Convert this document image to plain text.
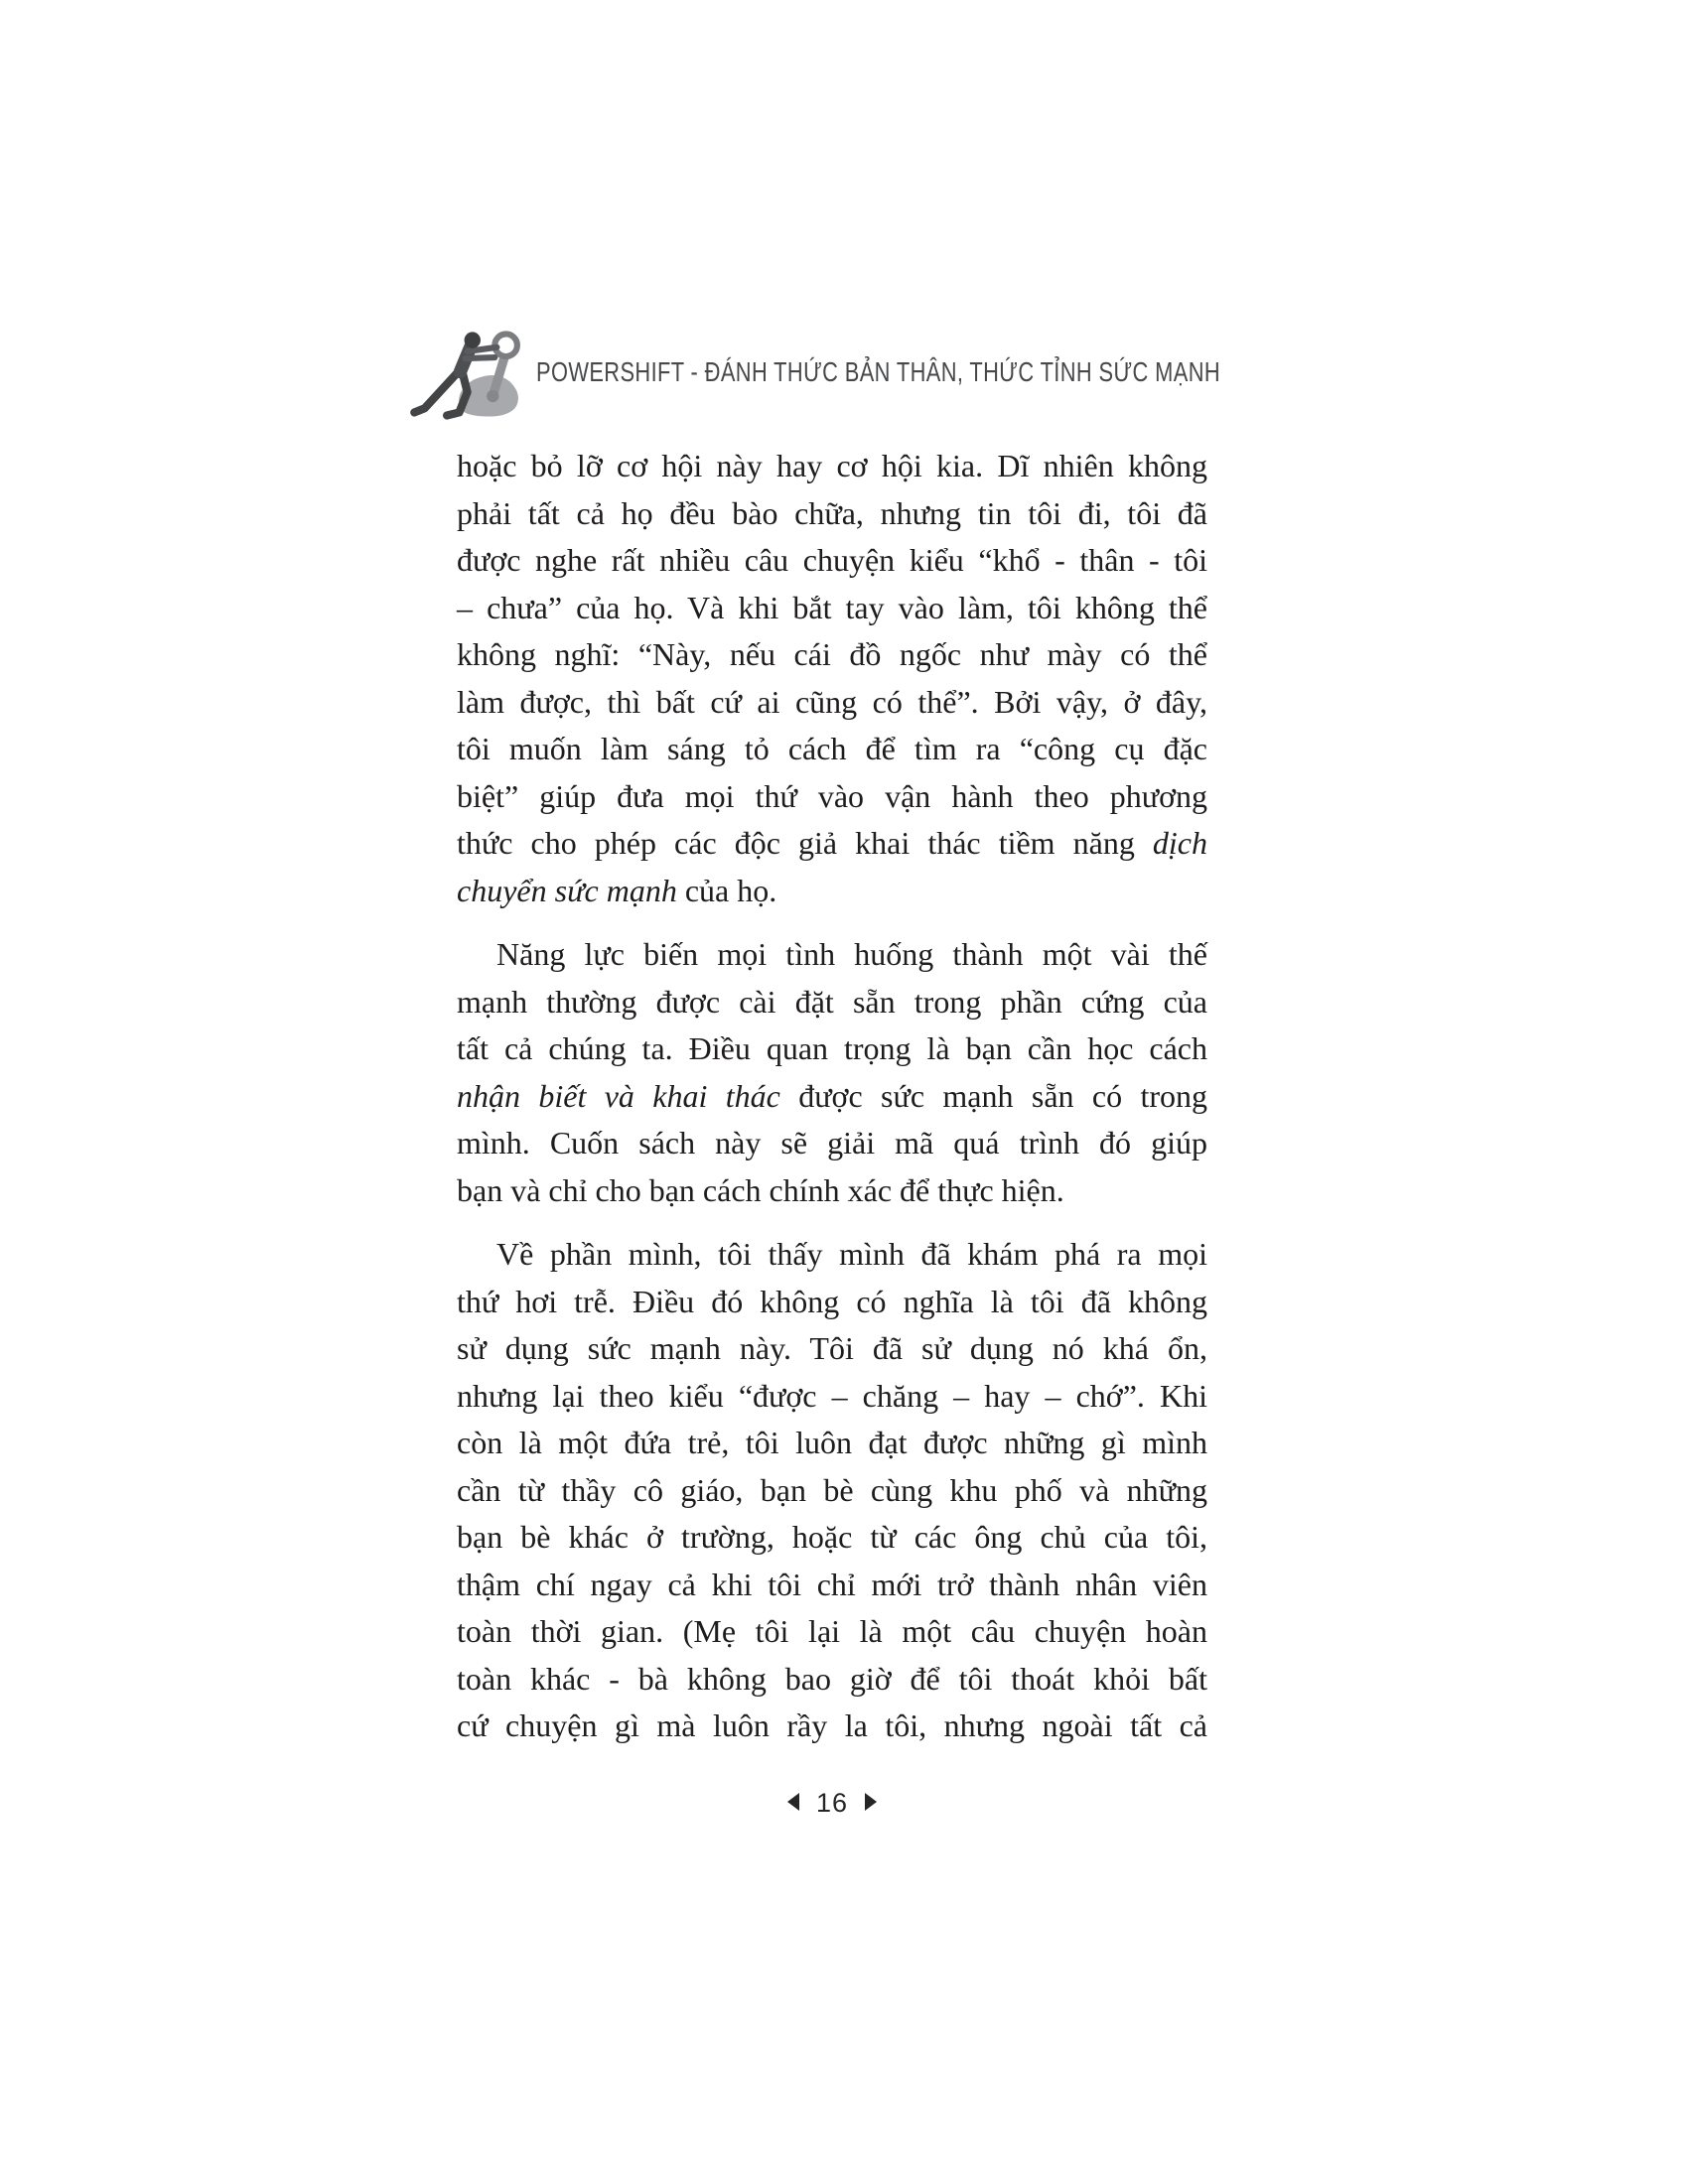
POWERSHIFT - ĐÁNH THỨC BẢN THÂN, THỨC TỈNH SỨC MẠNH
hoặc bỏ lỡ cơ hội này hay cơ hội kia. Dĩ nhiên không
phải tất cả họ đều bào chữa, nhưng tin tôi đi, tôi đã
được nghe rất nhiều câu chuyện kiểu “khổ - thân - tôi
– chưa” của họ. Và khi bắt tay vào làm, tôi không thể
không nghĩ: “Này, nếu cái đồ ngốc như mày có thể
làm được, thì bất cứ ai cũng có thể”. Bởi vậy, ở đây,
tôi muốn làm sáng tỏ cách để tìm ra “công cụ đặc
biệt” giúp đưa mọi thứ vào vận hành theo phương
thức cho phép các độc giả khai thác tiềm năng dịch
chuyển sức mạnh của họ.
Năng lực biến mọi tình huống thành một vài thế
mạnh thường được cài đặt sẵn trong phần cứng của
tất cả chúng ta. Điều quan trọng là bạn cần học cách
nhận biết và khai thác được sức mạnh sẵn có trong
mình. Cuốn sách này sẽ giải mã quá trình đó giúp
bạn và chỉ cho bạn cách chính xác để thực hiện.
Về phần mình, tôi thấy mình đã khám phá ra mọi
thứ hơi trễ. Điều đó không có nghĩa là tôi đã không
sử dụng sức mạnh này. Tôi đã sử dụng nó khá ổn,
nhưng lại theo kiểu “được – chăng – hay – chớ”. Khi
còn là một đứa trẻ, tôi luôn đạt được những gì mình
cần từ thầy cô giáo, bạn bè cùng khu phố và những
bạn bè khác ở trường, hoặc từ các ông chủ của tôi,
thậm chí ngay cả khi tôi chỉ mới trở thành nhân viên
toàn thời gian. (Mẹ tôi lại là một câu chuyện hoàn
toàn khác - bà không bao giờ để tôi thoát khỏi bất
cứ chuyện gì mà luôn rầy la tôi, nhưng ngoài tất cả
16
